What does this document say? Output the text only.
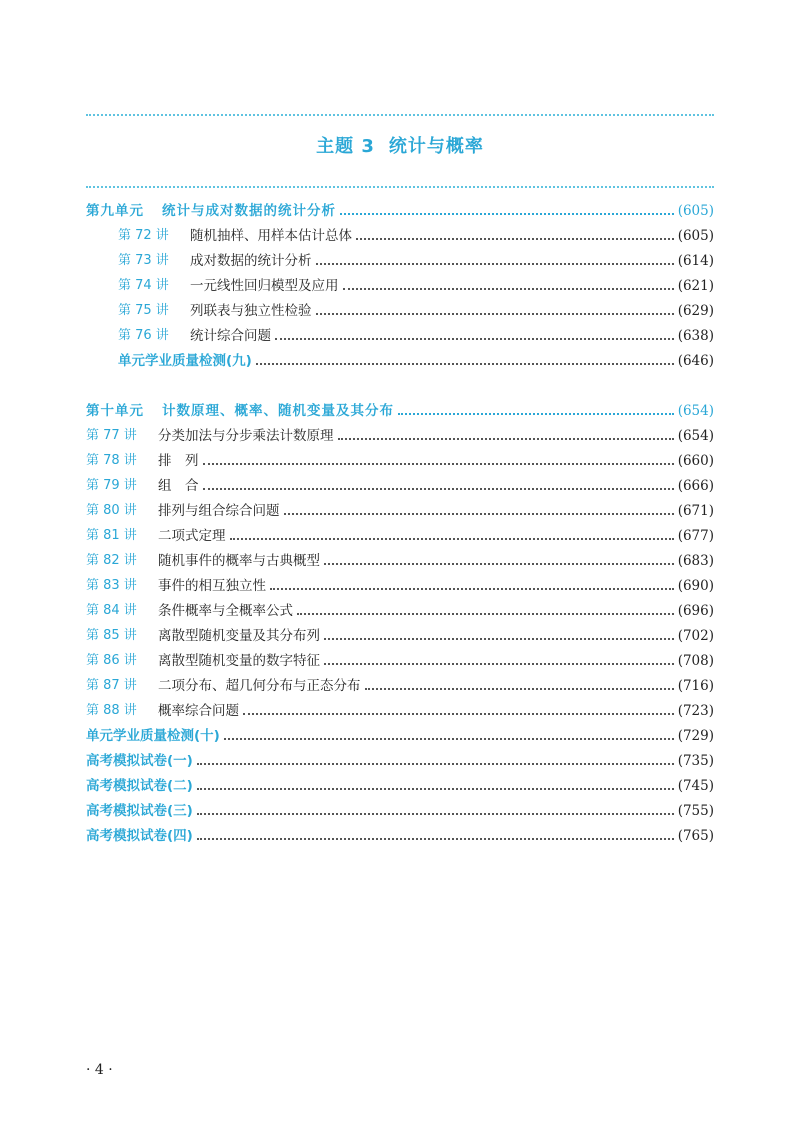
主题 3 统计与概率
第九单元 统计与成对数据的统计分析	(605)
第 72 讲	随机抽样、用样本估计总体	(605)
第 73 讲	成对数据的统计分析	(614)
第 74 讲	一元线性回归模型及应用	(621)
第 75 讲	列联表与独立性检验	(629)
第 76 讲	统计综合问题	(638)
单元学业质量检测(九)	(646)
第十单元 计数原理、概率、随机变量及其分布	(654)
第 77 讲	分类加法与分步乘法计数原理	(654)
第 78 讲	排　列	(660)
第 79 讲	组　合	(666)
第 80 讲	排列与组合综合问题	(671)
第 81 讲	二项式定理	(677)
第 82 讲	随机事件的概率与古典概型	(683)
第 83 讲	事件的相互独立性	(690)
第 84 讲	条件概率与全概率公式	(696)
第 85 讲	离散型随机变量及其分布列	(702)
第 86 讲	离散型随机变量的数字特征	(708)
第 87 讲	二项分布、超几何分布与正态分布	(716)
第 88 讲	概率综合问题	(723)
单元学业质量检测(十)	(729)
高考模拟试卷(一)	(735)
高考模拟试卷(二)	(745)
高考模拟试卷(三)	(755)
高考模拟试卷(四)	(765)
· 4 ·
